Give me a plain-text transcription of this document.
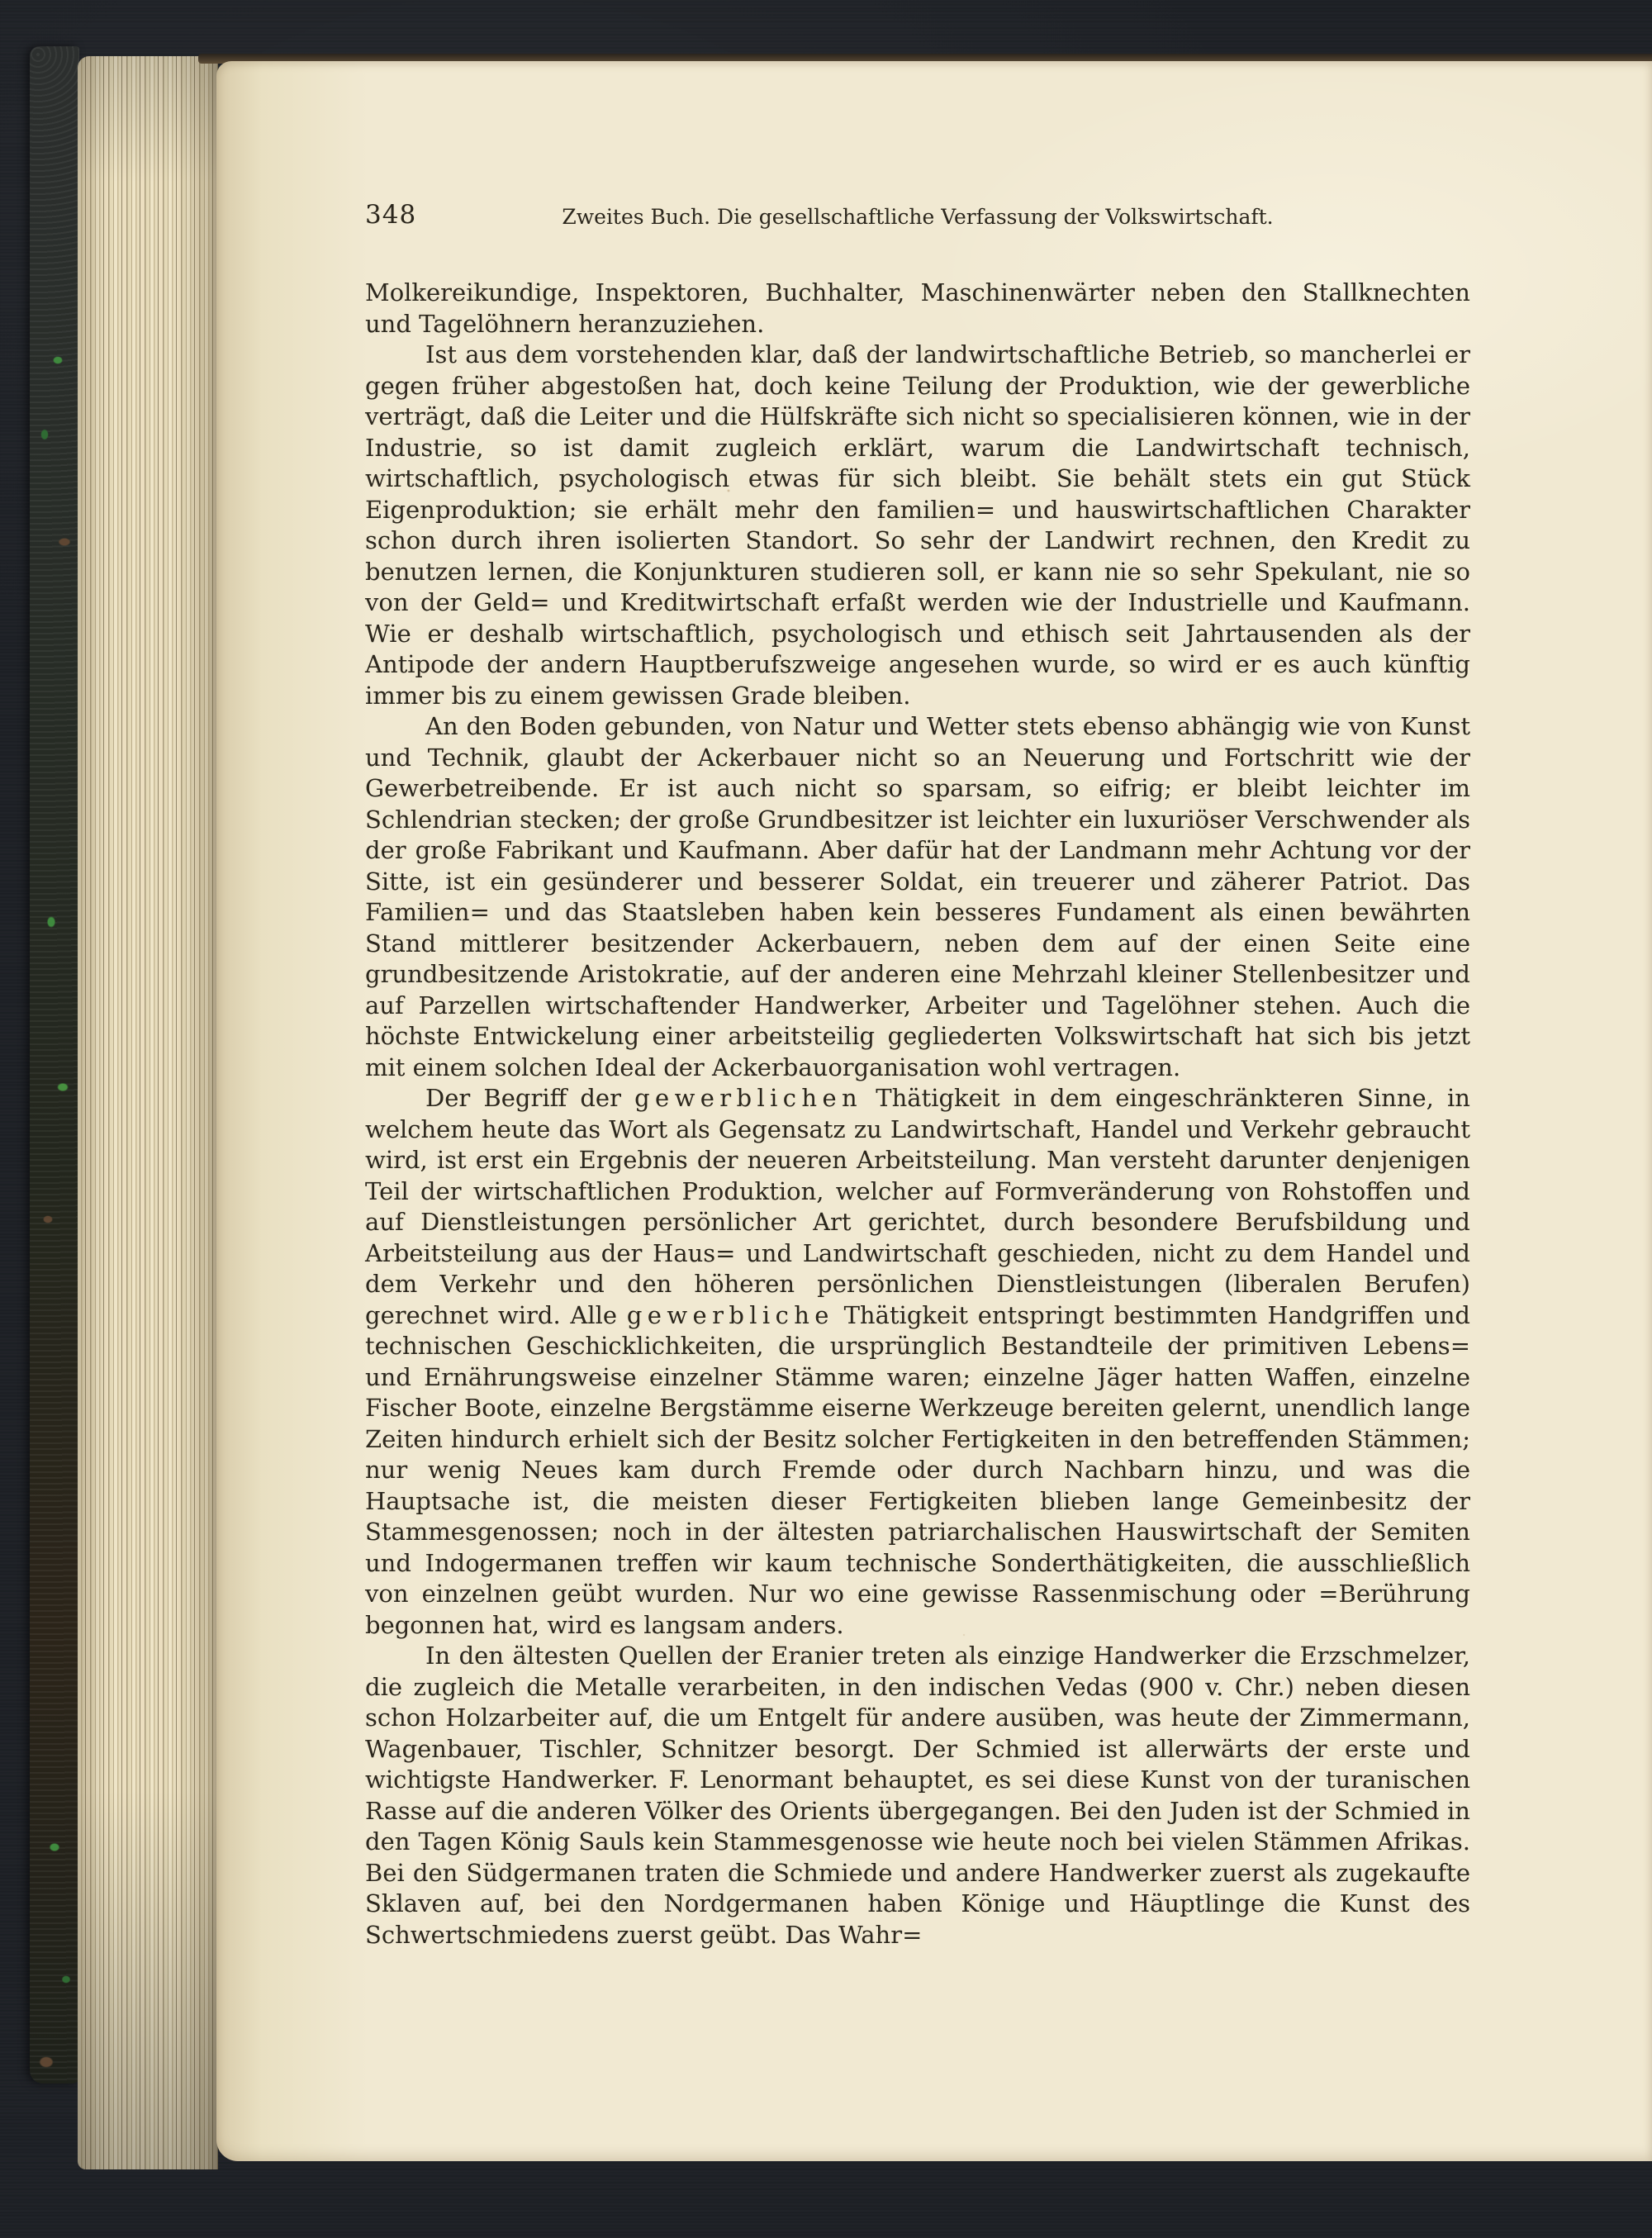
348	Zweites Buch. Die gesellschaftliche Verfassung der Volkswirtschaft.

Molkereikundige, Inspektoren, Buchhalter, Maschinenwärter neben den Stallknechten und Tagelöhnern heranzuziehen.

Ist aus dem vorstehenden klar, daß der landwirtschaftliche Betrieb, so mancherlei er gegen früher abgestoßen hat, doch keine Teilung der Produktion, wie der gewerbliche verträgt, daß die Leiter und die Hülfskräfte sich nicht so specialisieren können, wie in der Industrie, so ist damit zugleich erklärt, warum die Landwirtschaft technisch, wirtschaftlich, psychologisch etwas für sich bleibt. Sie behält stets ein gut Stück Eigenproduktion; sie erhält mehr den familien= und hauswirtschaftlichen Charakter schon durch ihren isolierten Standort. So sehr der Landwirt rechnen, den Kredit zu benutzen lernen, die Konjunkturen studieren soll, er kann nie so sehr Spekulant, nie so von der Geld= und Kreditwirtschaft erfaßt werden wie der Industrielle und Kaufmann. Wie er deshalb wirtschaftlich, psychologisch und ethisch seit Jahrtausenden als der Antipode der andern Hauptberufszweige angesehen wurde, so wird er es auch künftig immer bis zu einem gewissen Grade bleiben.

An den Boden gebunden, von Natur und Wetter stets ebenso abhängig wie von Kunst und Technik, glaubt der Ackerbauer nicht so an Neuerung und Fortschritt wie der Gewerbetreibende. Er ist auch nicht so sparsam, so eifrig; er bleibt leichter im Schlendrian stecken; der große Grundbesitzer ist leichter ein luxuriöser Verschwender als der große Fabrikant und Kaufmann. Aber dafür hat der Landmann mehr Achtung vor der Sitte, ist ein gesünderer und besserer Soldat, ein treuerer und zäherer Patriot. Das Familien= und das Staatsleben haben kein besseres Fundament als einen bewährten Stand mittlerer besitzender Ackerbauern, neben dem auf der einen Seite eine grundbesitzende Aristokratie, auf der anderen eine Mehrzahl kleiner Stellenbesitzer und auf Parzellen wirtschaftender Handwerker, Arbeiter und Tagelöhner stehen. Auch die höchste Entwickelung einer arbeitsteilig gegliederten Volkswirtschaft hat sich bis jetzt mit einem solchen Ideal der Ackerbauorganisation wohl vertragen.

Der Begriff der gewerblichen Thätigkeit in dem eingeschränkteren Sinne, in welchem heute das Wort als Gegensatz zu Landwirtschaft, Handel und Verkehr gebraucht wird, ist erst ein Ergebnis der neueren Arbeitsteilung. Man versteht darunter denjenigen Teil der wirtschaftlichen Produktion, welcher auf Formveränderung von Rohstoffen und auf Dienstleistungen persönlicher Art gerichtet, durch besondere Berufsbildung und Arbeitsteilung aus der Haus= und Landwirtschaft geschieden, nicht zu dem Handel und dem Verkehr und den höheren persönlichen Dienstleistungen (liberalen Berufen) gerechnet wird. Alle gewerbliche Thätigkeit entspringt bestimmten Handgriffen und technischen Geschicklichkeiten, die ursprünglich Bestandteile der primitiven Lebens= und Ernährungsweise einzelner Stämme waren; einzelne Jäger hatten Waffen, einzelne Fischer Boote, einzelne Bergstämme eiserne Werkzeuge bereiten gelernt, unendlich lange Zeiten hindurch erhielt sich der Besitz solcher Fertigkeiten in den betreffenden Stämmen; nur wenig Neues kam durch Fremde oder durch Nachbarn hinzu, und was die Hauptsache ist, die meisten dieser Fertigkeiten blieben lange Gemeinbesitz der Stammesgenossen; noch in der ältesten patriarchalischen Hauswirtschaft der Semiten und Indogermanen treffen wir kaum technische Sonderthätigkeiten, die ausschließlich von einzelnen geübt wurden. Nur wo eine gewisse Rassenmischung oder =Berührung begonnen hat, wird es langsam anders.

In den ältesten Quellen der Eranier treten als einzige Handwerker die Erzschmelzer, die zugleich die Metalle verarbeiten, in den indischen Vedas (900 v. Chr.) neben diesen schon Holzarbeiter auf, die um Entgelt für andere ausüben, was heute der Zimmermann, Wagenbauer, Tischler, Schnitzer besorgt. Der Schmied ist allerwärts der erste und wichtigste Handwerker. F. Lenormant behauptet, es sei diese Kunst von der turanischen Rasse auf die anderen Völker des Orients übergegangen. Bei den Juden ist der Schmied in den Tagen König Sauls kein Stammesgenosse wie heute noch bei vielen Stämmen Afrikas. Bei den Südgermanen traten die Schmiede und andere Handwerker zuerst als zugekaufte Sklaven auf, bei den Nordgermanen haben Könige und Häuptlinge die Kunst des Schwertschmiedens zuerst geübt. Das Wahr=
